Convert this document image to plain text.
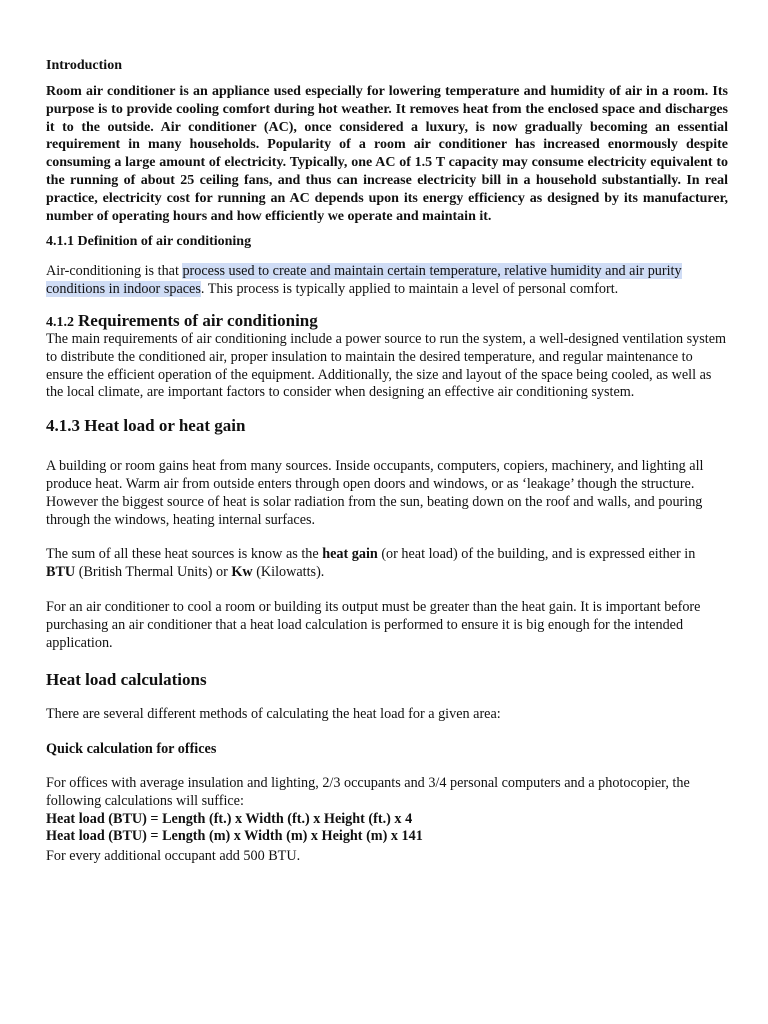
Introduction

Room air conditioner is an appliance used especially for lowering temperature and humidity of air in a room. Its purpose is to provide cooling comfort during hot weather. It removes heat from the enclosed space and discharges it to the outside. Air conditioner (AC), once considered a luxury, is now gradually becoming an essential requirement in many households. Popularity of a room air conditioner has increased enormously despite consuming a large amount of electricity. Typically, one AC of 1.5 T capacity may consume electricity equivalent to the running of about 25 ceiling fans, and thus can increase electricity bill in a household substantially. In real practice, electricity cost for running an AC depends upon its energy efficiency as designed by its manufacturer, number of operating hours and how efficiently we operate and maintain it.

4.1.1 Definition of air conditioning

Air-conditioning is that process used to create and maintain certain temperature, relative humidity and air purity conditions in indoor spaces. This process is typically applied to maintain a level of personal comfort.

4.1.2 Requirements of air conditioning

The main requirements of air conditioning include a power source to run the system, a well-designed ventilation system to distribute the conditioned air, proper insulation to maintain the desired temperature, and regular maintenance to ensure the efficient operation of the equipment. Additionally, the size and layout of the space being cooled, as well as the local climate, are important factors to consider when designing an effective air conditioning system.

4.1.3 Heat load or heat gain

A building or room gains heat from many sources. Inside occupants, computers, copiers, machinery, and lighting all produce heat. Warm air from outside enters through open doors and windows, or as ‘leakage’ though the structure. However the biggest source of heat is solar radiation from the sun, beating down on the roof and walls, and pouring through the windows, heating internal surfaces.

The sum of all these heat sources is know as the heat gain (or heat load) of the building, and is expressed either in BTU (British Thermal Units) or Kw (Kilowatts).

For an air conditioner to cool a room or building its output must be greater than the heat gain. It is important before purchasing an air conditioner that a heat load calculation is performed to ensure it is big enough for the intended application.

Heat load calculations

There are several different methods of calculating the heat load for a given area:

Quick calculation for offices

For offices with average insulation and lighting, 2/3 occupants and 3/4 personal computers and a photocopier, the following calculations will suffice:

Heat load (BTU) = Length (ft.) x Width (ft.) x Height (ft.) x 4

Heat load (BTU) = Length (m) x Width (m) x Height (m) x 141

For every additional occupant add 500 BTU.
